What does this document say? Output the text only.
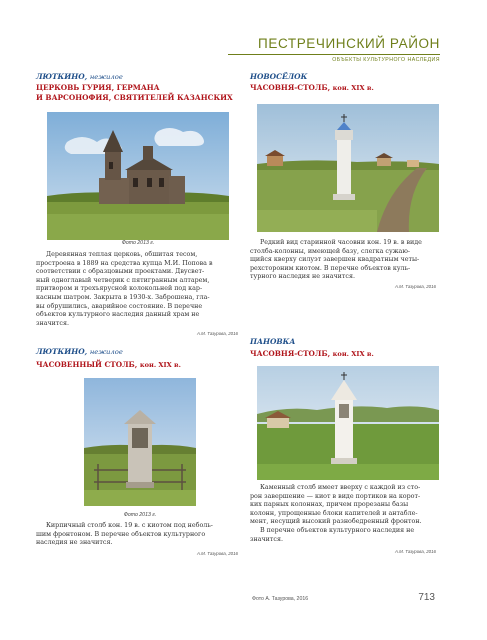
ПЕСТРЕЧИНСКИЙ РАЙОН
ОБЪЕКТЫ КУЛЬТУРНОГО НАСЛЕДИЯ
ЛЮТКИНО, нежилое
ЦЕРКОВЬ ГУРИЯ, ГЕРМАНА
И ВАРСОНОФИЯ, СВЯТИТЕЛЕЙ КАЗАНСКИХ
Фото 2013 г.

Деревянная теплая церковь, обшитая тесом,

простроена в 1889 на средства купца М.И. Попова в
соответствии с образцовыми проектами. Двусвет-
ный одноглавый четверик с пятигранным алтарем,
притвором и трехъярусной колокольней под кар-
касным шатром. Закрыта в 1930-х. Заброшена, гла-
вы обрушились, аварийное состояние. В перечне
объектов культурного наследия данный храм не
значится.
А.М. Тазурова, 2016
ЛЮТКИНО, нежилое
ЧАСОВЕННЫЙ СТОЛБ, кон. XIX в.
Фото 2013 г.

Кирпичный столб кон. 19 в. с киотом под неболь-

шим фронтоном. В перечне объектов культурного
наследия не значится.
А.М. Тазурова, 2016
НОВОСЁЛОК
ЧАСОВНЯ-СТОЛБ, кон. XIX в.

Редкий вид старинной часовни кон. 19 в. в виде

столба-колонны, имеющей базу, слегка сужаю-
щийся кверху силуэт завершен квадратным четы-
рехстороним киотом. В перечне объектов куль-
турного наследия не значится.
А.М. Тазурова, 2016
ПАНОВКА
ЧАСОВНЯ-СТОЛБ, кон. XIX в.

Каменный столб имеет вверху с каждой из сто-

рон завершение — киот в виде портиков на корот-
ких парных колоннах, причем прорезаны базы
колонн, упрощенные блоки капителей и антабле-
мент, несущий высокий разнобедренный фронтон.

В перечне объектов культурного наследия не

значится.
А.М. Тазурова, 2016
Фото А. Тазурова, 2016	713
